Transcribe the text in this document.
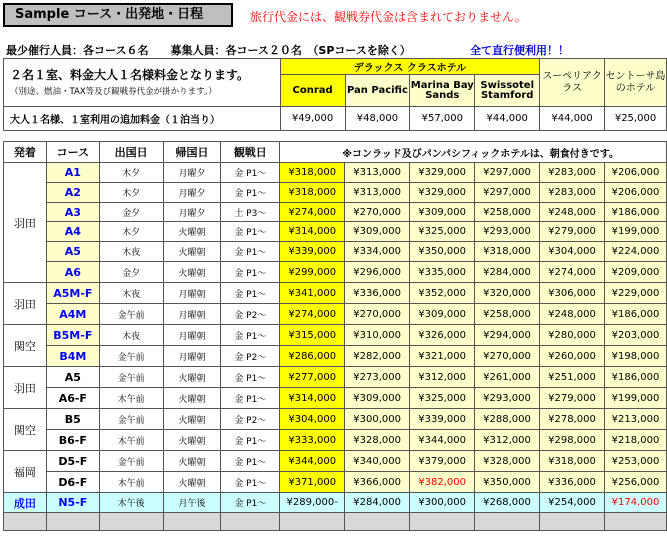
Sample コース・出発地・日程	旅行代金には、観戦券代金は含まれておりません。
最少催行人員：各コース６名　　募集人員：各コース２０名　（SPコースを除く）	全て直行便利用！！
２名１室、料金大人１名様料金となります。
（別途、燃油・TAX等及び観戦券代金が掛かります。）	デラックス クラスホテル				スーペリアクラス	セントーサ島のホテル
	Conrad	Pan Pacific	Marina Bay Sands	Swissotel Stamford		

大人１名様、１室利用の追加料金（１泊当り）	¥49,000	¥48,000	¥57,000	¥44,000	¥44,000	¥25,000
発着	コース	出国日	帰国日	観戦日	※コンラッド及びパンパシフィックホテルは、朝食付きです。					
羽田	A1	木夕	月曜夕	金 P1～	¥318,000	¥313,000	¥329,000	¥297,000	¥283,000	¥206,000
	A2	木夕	月曜夕	金 P1～	¥318,000	¥313,000	¥329,000	¥297,000	¥283,000	¥206,000
	A3	金夕	月曜夕	土 P3～	¥274,000	¥270,000	¥309,000	¥258,000	¥248,000	¥186,000
	A4	木夕	火曜朝	金 P1～	¥314,000	¥309,000	¥325,000	¥293,000	¥279,000	¥199,000
	A5	木夜	火曜朝	金 P1～	¥339,000	¥334,000	¥350,000	¥318,000	¥304,000	¥224,000
	A6	金夕	火曜朝	金 P1～	¥299,000	¥296,000	¥335,000	¥284,000	¥274,000	¥209,000
羽田	A5M-F	木夜	月曜朝	金 P1～	¥341,000	¥336,000	¥352,000	¥320,000	¥306,000	¥229,000
	A4M	金午前	月曜朝	金 P2～	¥274,000	¥270,000	¥309,000	¥258,000	¥248,000	¥186,000
関空	B5M-F	木夜	月曜朝	金 P1～	¥315,000	¥310,000	¥326,000	¥294,000	¥280,000	¥203,000
	B4M	金午前	月曜朝	金 P2～	¥286,000	¥282,000	¥321,000	¥270,000	¥260,000	¥198,000
羽田	A5	金午前	火曜朝	金 P1～	¥277,000	¥273,000	¥312,000	¥261,000	¥251,000	¥186,000
	A6-F	木午前	火曜朝	金 P1～	¥314,000	¥309,000	¥325,000	¥293,000	¥279,000	¥199,000
関空	B5	金午前	火曜朝	金 P2～	¥304,000	¥300,000	¥339,000	¥288,000	¥278,000	¥213,000
	B6-F	木午前	火曜朝	金 P1～	¥333,000	¥328,000	¥344,000	¥312,000	¥298,000	¥218,000
福岡	D5-F	金午前	火曜朝	金 P1～	¥344,000	¥340,000	¥379,000	¥328,000	¥318,000	¥253,000
	D6-F	木午前	火曜朝	金 P1～	¥371,000	¥366,000	¥382,000	¥350,000	¥336,000	¥256,000
成田	N5-F	木午後	月午後	金 P1～	¥289,000-	¥284,000	¥300,000	¥268,000	¥254,000	¥174,000
